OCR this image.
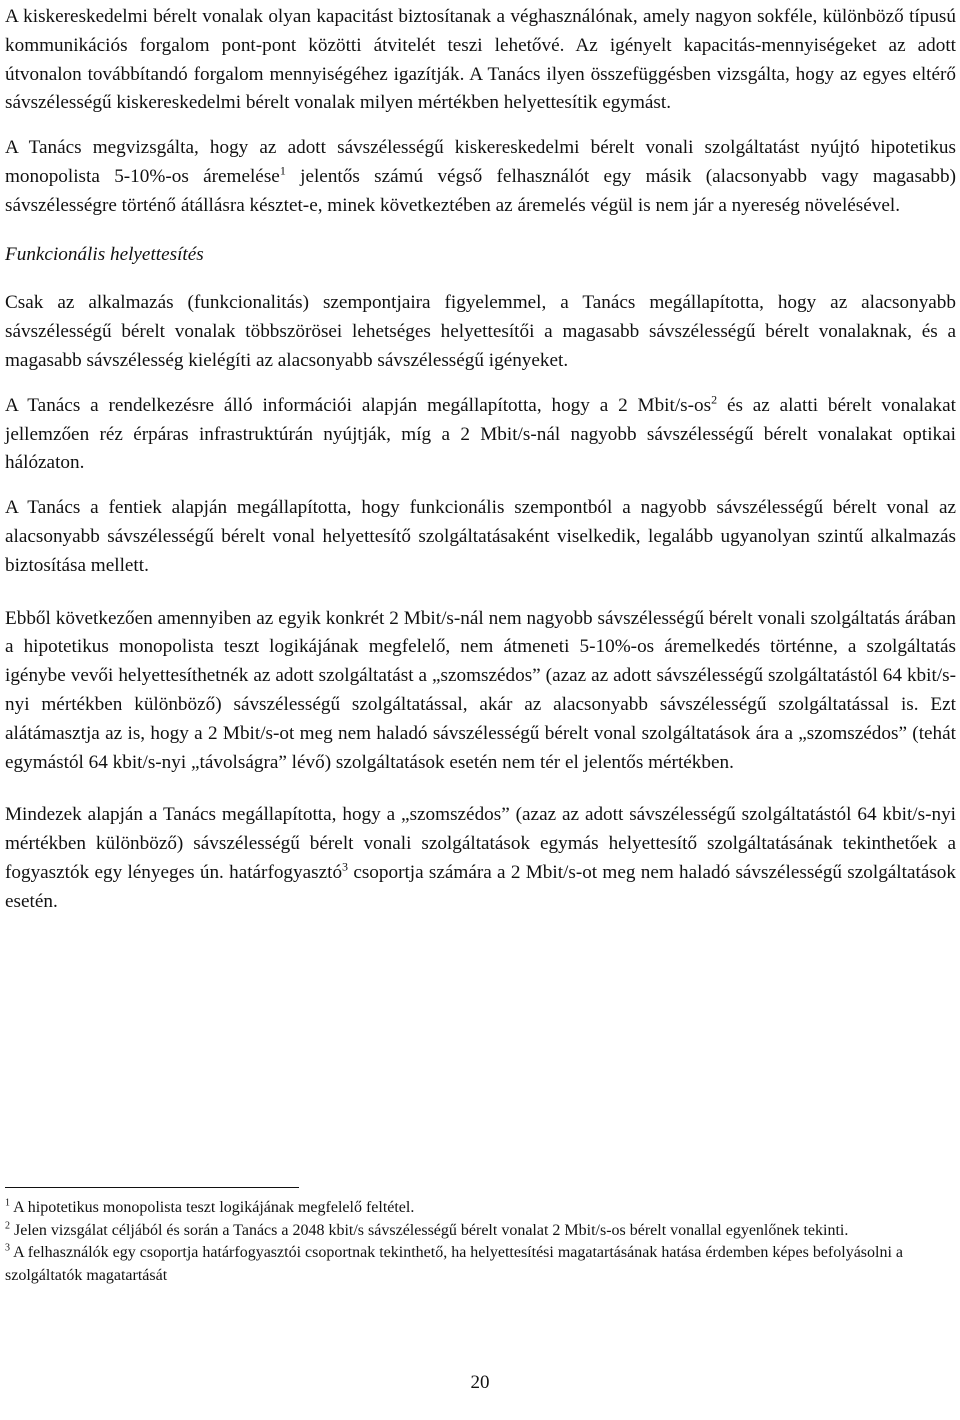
A kiskereskedelmi bérelt vonalak olyan kapacitást biztosítanak a véghasználónak, amely nagyon sokféle, különböző típusú kommunikációs forgalom pont-pont közötti átvitelét teszi lehetővé. Az igényelt kapacitás-mennyiségeket az adott útvonalon továbbítandó forgalom mennyiségéhez igazítják. A Tanács ilyen összefüggésben vizsgálta, hogy az egyes eltérő sávszélességű kiskereskedelmi bérelt vonalak milyen mértékben helyettesítik egymást.

A Tanács megvizsgálta, hogy az adott sávszélességű kiskereskedelmi bérelt vonali szolgáltatást nyújtó hipotetikus monopolista 5-10%-os áremelése$^1$ jelentős számú végső felhasználót egy másik (alacsonyabb vagy magasabb) sávszélességre történő átállásra késztet-e, minek következtében az áremelés végül is nem jár a nyereség növelésével.

Funkcionális helyettesítés

Csak az alkalmazás (funkcionalitás) szempontjaira figyelemmel, a Tanács megállapította, hogy az alacsonyabb sávszélességű bérelt vonalak többszörösei lehetséges helyettesítői a magasabb sávszélességű bérelt vonalaknak, és a magasabb sávszélesség kielégíti az alacsonyabb sávszélességű igényeket.

A Tanács a rendelkezésre álló információi alapján megállapította, hogy a 2 Mbit/$s-os^2$ és az alatti bérelt vonalakat jellemzően réz érpáras infrastruktúrán nyújtják, míg a 2 Mbit/s-nál nagyobb sávszélességű bérelt vonalakat optikai hálózaton.

A Tanács a fentiek alapján megállapította, hogy funkcionális szempontból a nagyobb sávszélességű bérelt vonal az alacsonyabb sávszélességű bérelt vonal helyettesítő szolgáltatásaként viselkedik, legalább ugyanolyan szintű alkalmazás biztosítása mellett.

Ebből következően amennyiben az egyik konkrét 2 Mbit/s-nál nem nagyobb sávszélességű bérelt vonali szolgáltatás árában a hipotetikus monopolista teszt logikájának megfelelő, nem átmeneti 5-10%-os áremelkedés történne, a szolgáltatás igénybe vevői helyettesíthetnék az adott szolgáltatást a „szomszédos” (azaz az adott sávszélességű szolgáltatástól 64 kbit/s-nyi mértékben különböző) sávszélességű szolgáltatással, akár az alacsonyabb sávszélességű szolgáltatással is. Ezt alátámasztja az is, hogy a 2 Mbit/s-ot meg nem haladó sávszélességű bérelt vonal szolgáltatások ára a „szomszédos” (tehát egymástól 64 kbit/s-nyi „távolságra” lévő) szolgáltatások esetén nem tér el jelentős mértékben.

Mindezek alapján a Tanács megállapította, hogy a „szomszédos” (azaz az adott sávszélességű szolgáltatástól 64 kbit/s-nyi mértékben különböző) sávszélességű bérelt vonali szolgáltatások egymás helyettesítő szolgáltatásának tekinthetőek a fogyasztók egy lényeges ún. határfogyasztó$^3$ csoportja számára a 2 Mbit/s-ot meg nem haladó sávszélességű szolgáltatások esetén.

$^1$ A hipotetikus monopolista teszt logikájának megfelelő feltétel.

$^2$ Jelen vizsgálat céljából és során a Tanács a 2048 kbit/s sávszélességű bérelt vonalat 2 Mbit/s-os bérelt vonallal egyenlőnek tekinti.

$^3$ A felhasználók egy csoportja határfogyasztói csoportnak tekinthető, ha helyettesítési magatartásának hatása érdemben képes befolyásolni a szolgáltatók magatartását

20
